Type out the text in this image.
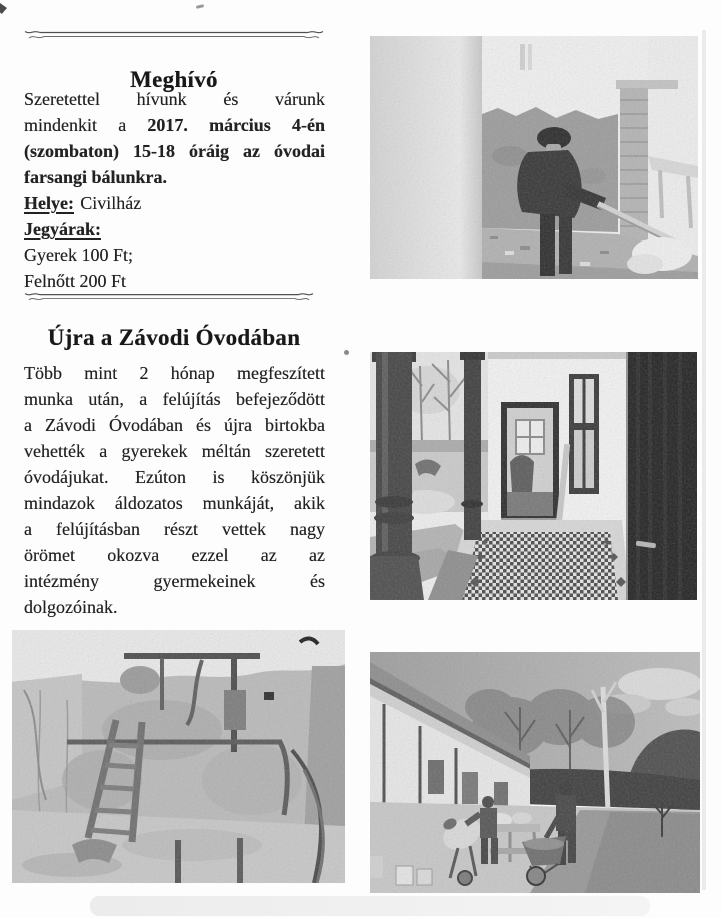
Meghívó
Szeretettel hívunk és várunk
mindenkit a 2017. március 4-én
(szombaton) 15-18 óráig az óvodai
farsangi bálunkra.
Helye: Civilház
Jegyárak:
Gyerek 100 Ft;
Felnőtt 200 Ft
Újra a Závodi Óvodában
Több mint 2 hónap megfeszített
munka után, a felújítás befejeződött
a Závodi Óvodában és újra birtokba
vehették a gyerekek méltán szeretett
óvodájukat. Ezúton is köszönjük
mindazok áldozatos munkáját, akik
a felújításban részt vettek nagy
örömet okozva ezzel az az
intézmény gyermekeinek és
dolgozóinak.
